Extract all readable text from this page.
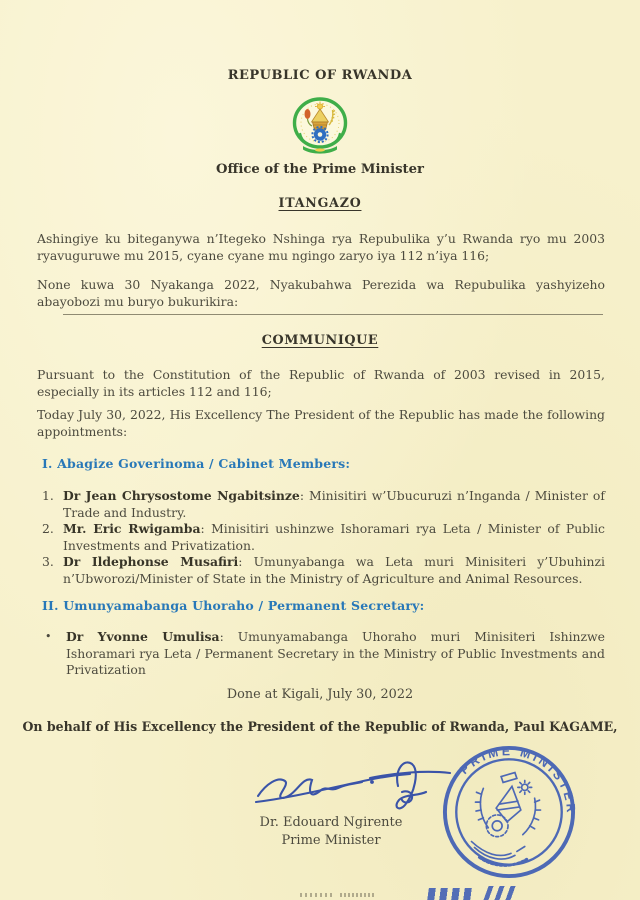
REPUBLIC OF RWANDA
Office of the Prime Minister
ITANGAZO

Ashingiye ku biteganywa n’Itegeko Nshinga rya Repubulika y’u Rwanda ryo mu 2003 ryavuguruwe mu 2015, cyane cyane mu ngingo zaryo iya 112 n’iya 116;

None kuwa 30 Nyakanga 2022, Nyakubahwa Perezida wa Repubulika yashyizeho abayobozi mu buryo bukurikira:

COMMUNIQUE

Pursuant to the Constitution of the Republic of Rwanda of 2003 revised in 2015, especially in its articles 112 and 116;

Today July 30, 2022, His Excellency The President of the Republic has made the following appointments:

I. Abagize Goverinoma / Cabinet Members:
1. Dr Jean Chrysostome Ngabitsinze: Minisitiri w’Ubucuruzi n’Inganda / Minister of Trade and Industry.
2. Mr. Eric Rwigamba: Minisitiri ushinzwe Ishoramari rya Leta / Minister of Public Investments and Privatization.
3. Dr Ildephonse Musafiri: Umunyabanga wa Leta muri Minisiteri y’Ubuhinzi n’Ubworozi/Minister of State in the Ministry of Agriculture and Animal Resources.
II. Umunyamabanga Uhoraho / Permanent Secretary:
•	Dr Yvonne Umulisa: Umunyamabanga Uhoraho muri Minisiteri Ishinzwe Ishoramari rya Leta / Permanent Secretary in the Ministry of Public Investments and Privatization
Done at Kigali, July 30, 2022
On behalf of His Excellency the President of the Republic of Rwanda, Paul KAGAME,
Dr. Edouard Ngirente
Prime Minister
PRIME MINISTER
